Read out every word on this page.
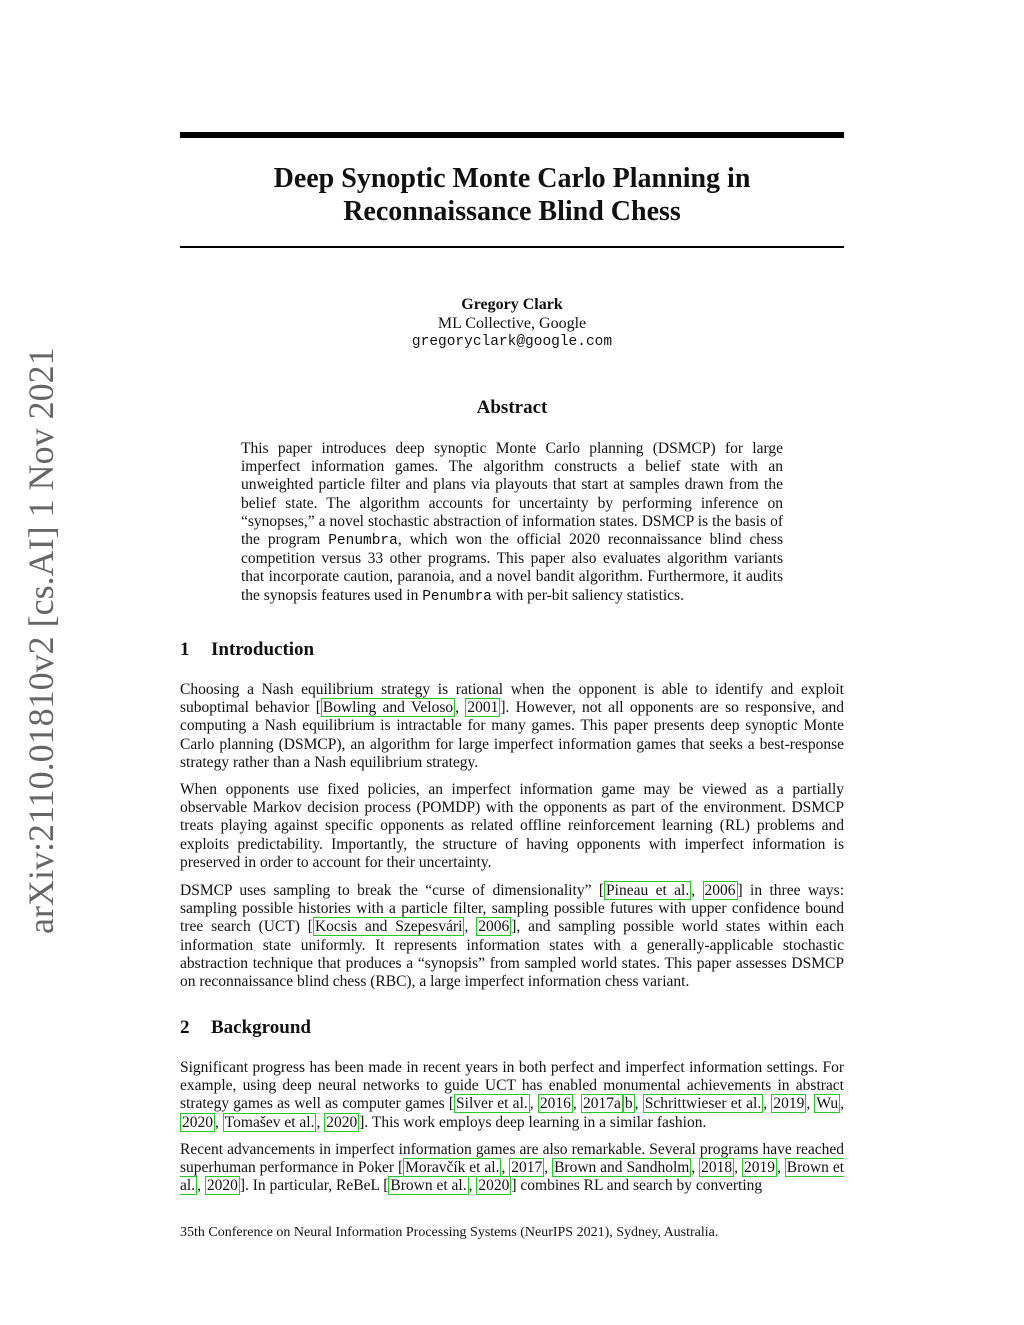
arXiv:2110.01810v2 [cs.AI] 1 Nov 2021
Deep Synoptic Monte Carlo Planning in
Reconnaissance Blind Chess
Gregory Clark
ML Collective, Google
gregoryclark@google.com
Abstract
This paper introduces deep synoptic Monte Carlo planning (DSMCP) for large imperfect information games. The algorithm constructs a belief state with an unweighted particle filter and plans via playouts that start at samples drawn from the belief state. The algorithm accounts for uncertainty by performing inference on “synopses,” a novel stochastic abstraction of information states. DSMCP is the basis of the program Penumbra, which won the official 2020 reconnaissance blind chess competition versus 33 other programs. This paper also evaluates algorithm variants that incorporate caution, paranoia, and a novel bandit algorithm. Furthermore, it audits the synopsis features used in Penumbra with per-bit saliency statistics.
1 Introduction
Choosing a Nash equilibrium strategy is rational when the opponent is able to identify and exploit suboptimal behavior [ Bowling and Veloso , 2001 ]. However, not all opponents are so responsive, and computing a Nash equilibrium is intractable for many games. This paper presents deep synoptic Monte Carlo planning (DSMCP), an algorithm for large imperfect information games that seeks a best-response strategy rather than a Nash equilibrium strategy.
When opponents use fixed policies, an imperfect information game may be viewed as a partially observable Markov decision process (POMDP) with the opponents as part of the environment. DSMCP treats playing against specific opponents as related offline reinforcement learning (RL) problems and exploits predictability. Importantly, the structure of having opponents with imperfect information is preserved in order to account for their uncertainty.
DSMCP uses sampling to break the “curse of dimensionality” [ Pineau et al. , 2006 ] in three ways: sampling possible histories with a particle filter, sampling possible futures with upper confidence bound tree search (UCT) [ Kocsis and Szepesvári , 2006 ], and sampling possible world states within each information state uniformly. It represents information states with a generally-applicable stochastic abstraction technique that produces a “synopsis” from sampled world states. This paper assesses DSMCP on reconnaissance blind chess (RBC), a large imperfect information chess variant.
2 Background
Significant progress has been made in recent years in both perfect and imperfect information settings. For example, using deep neural networks to guide UCT has enabled monumental achievements in abstract strategy games as well as computer games [ Silver et al. , 2016 , 2017a b , Schrittwieser et al. , 2019 , Wu , 2020 , Tomašev et al. , 2020 ]. This work employs deep learning in a similar fashion.
Recent advancements in imperfect information games are also remarkable. Several programs have reached superhuman performance in Poker [ Moravčík et al. , 2017 , Brown and Sandholm , 2018 , 2019 , Brown et al. , 2020 ]. In particular, ReBeL [ Brown et al. , 2020 ] combines RL and search by converting
35th Conference on Neural Information Processing Systems (NeurIPS 2021), Sydney, Australia.
